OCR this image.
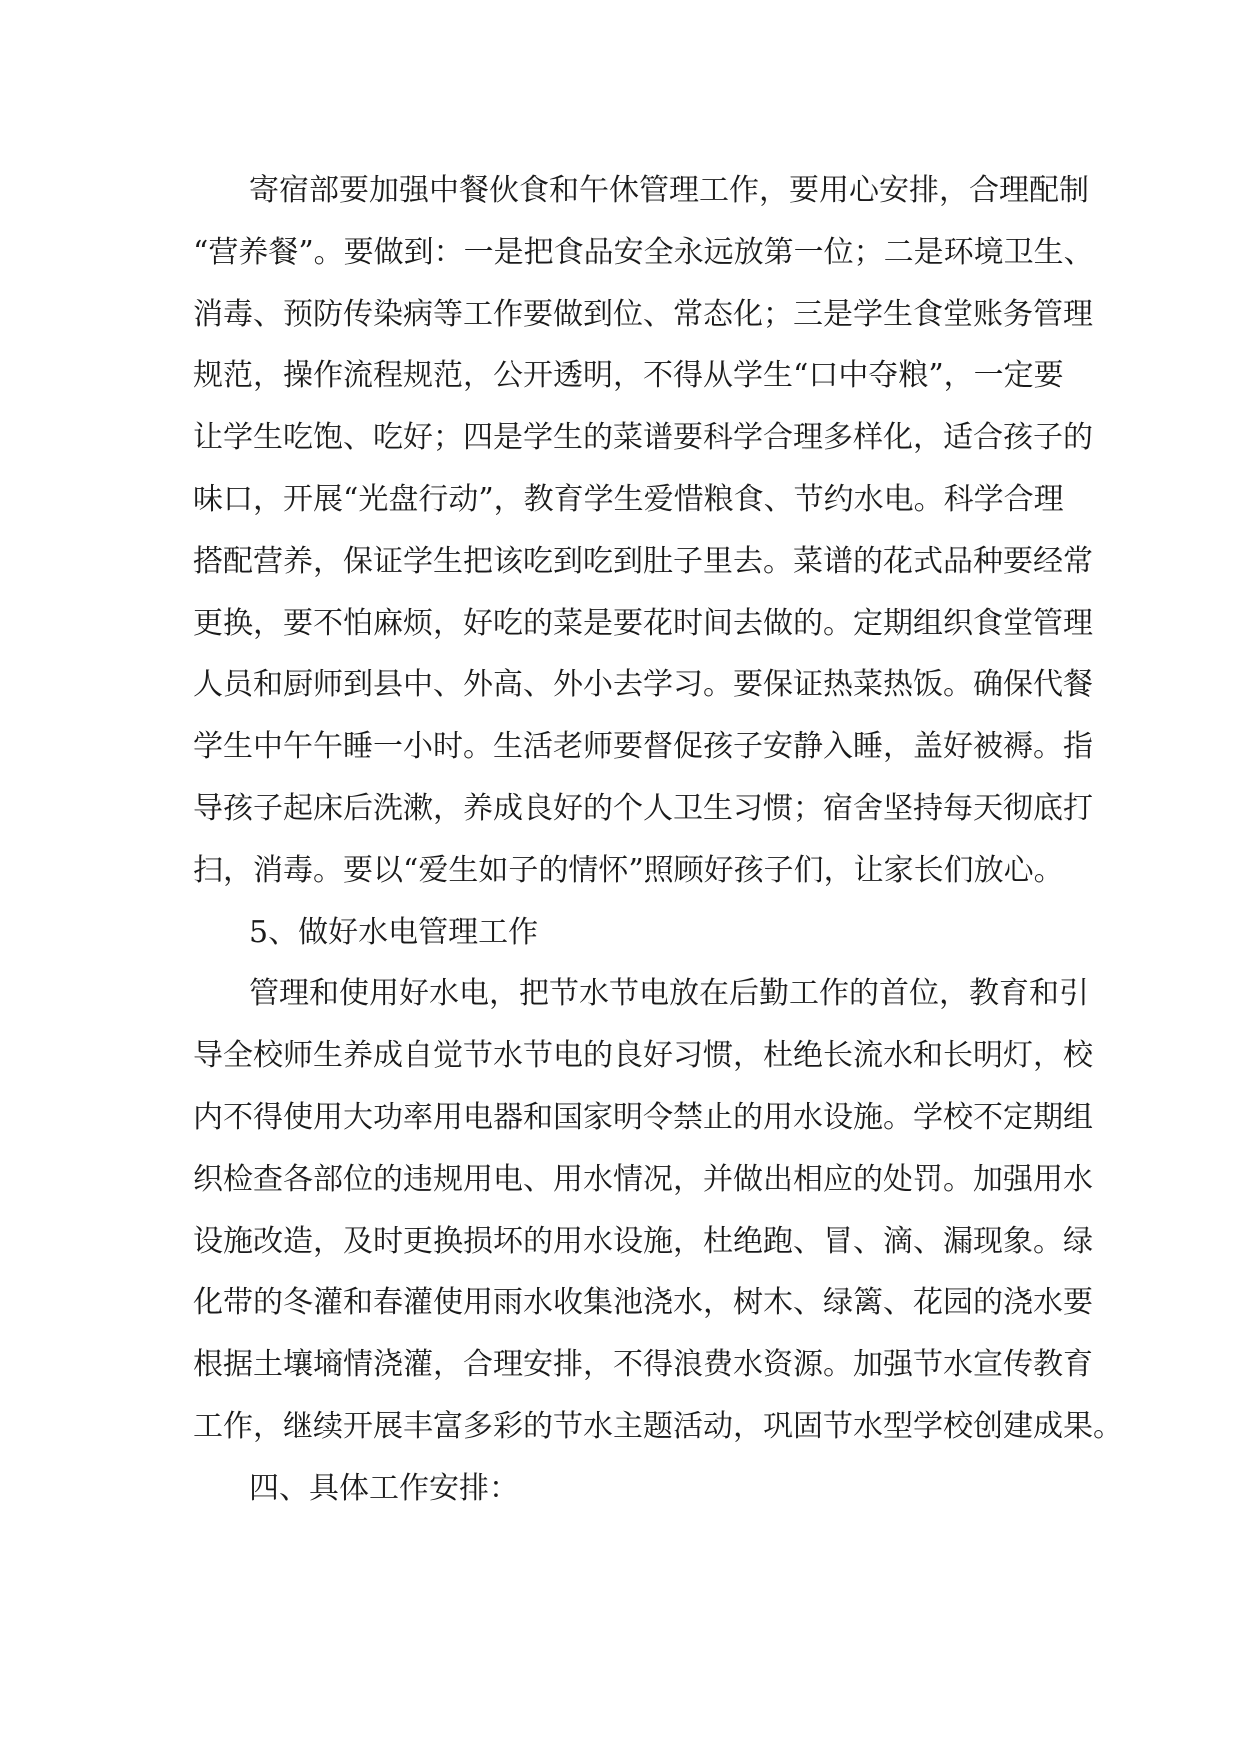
寄宿部要加强中餐伙食和午休管理工作，要用心安排，合理配制
“营养餐”。要做到：一是把食品安全永远放第一位；二是环境卫生、
消毒、预防传染病等工作要做到位、常态化；三是学生食堂账务管理
规范，操作流程规范，公开透明，不得从学生“口中夺粮”，一定要
让学生吃饱、吃好；四是学生的菜谱要科学合理多样化，适合孩子的
味口，开展“光盘行动”，教育学生爱惜粮食、节约水电。科学合理
搭配营养，保证学生把该吃到吃到肚子里去。菜谱的花式品种要经常
更换，要不怕麻烦，好吃的菜是要花时间去做的。定期组织食堂管理
人员和厨师到县中、外高、外小去学习。要保证热菜热饭。确保代餐
学生中午午睡一小时。生活老师要督促孩子安静入睡，盖好被褥。指
导孩子起床后洗漱，养成良好的个人卫生习惯；宿舍坚持每天彻底打
扫，消毒。要以“爱生如子的情怀”照顾好孩子们，让家长们放心。
5、做好水电管理工作
管理和使用好水电，把节水节电放在后勤工作的首位，教育和引
导全校师生养成自觉节水节电的良好习惯，杜绝长流水和长明灯，校
内不得使用大功率用电器和国家明令禁止的用水设施。学校不定期组
织检查各部位的违规用电、用水情况，并做出相应的处罚。加强用水
设施改造，及时更换损坏的用水设施，杜绝跑、冒、滴、漏现象。绿
化带的冬灌和春灌使用雨水收集池浇水，树木、绿篱、花园的浇水要
根据土壤墒情浇灌，合理安排，不得浪费水资源。加强节水宣传教育
工作，继续开展丰富多彩的节水主题活动，巩固节水型学校创建成果。
四、具体工作安排：
